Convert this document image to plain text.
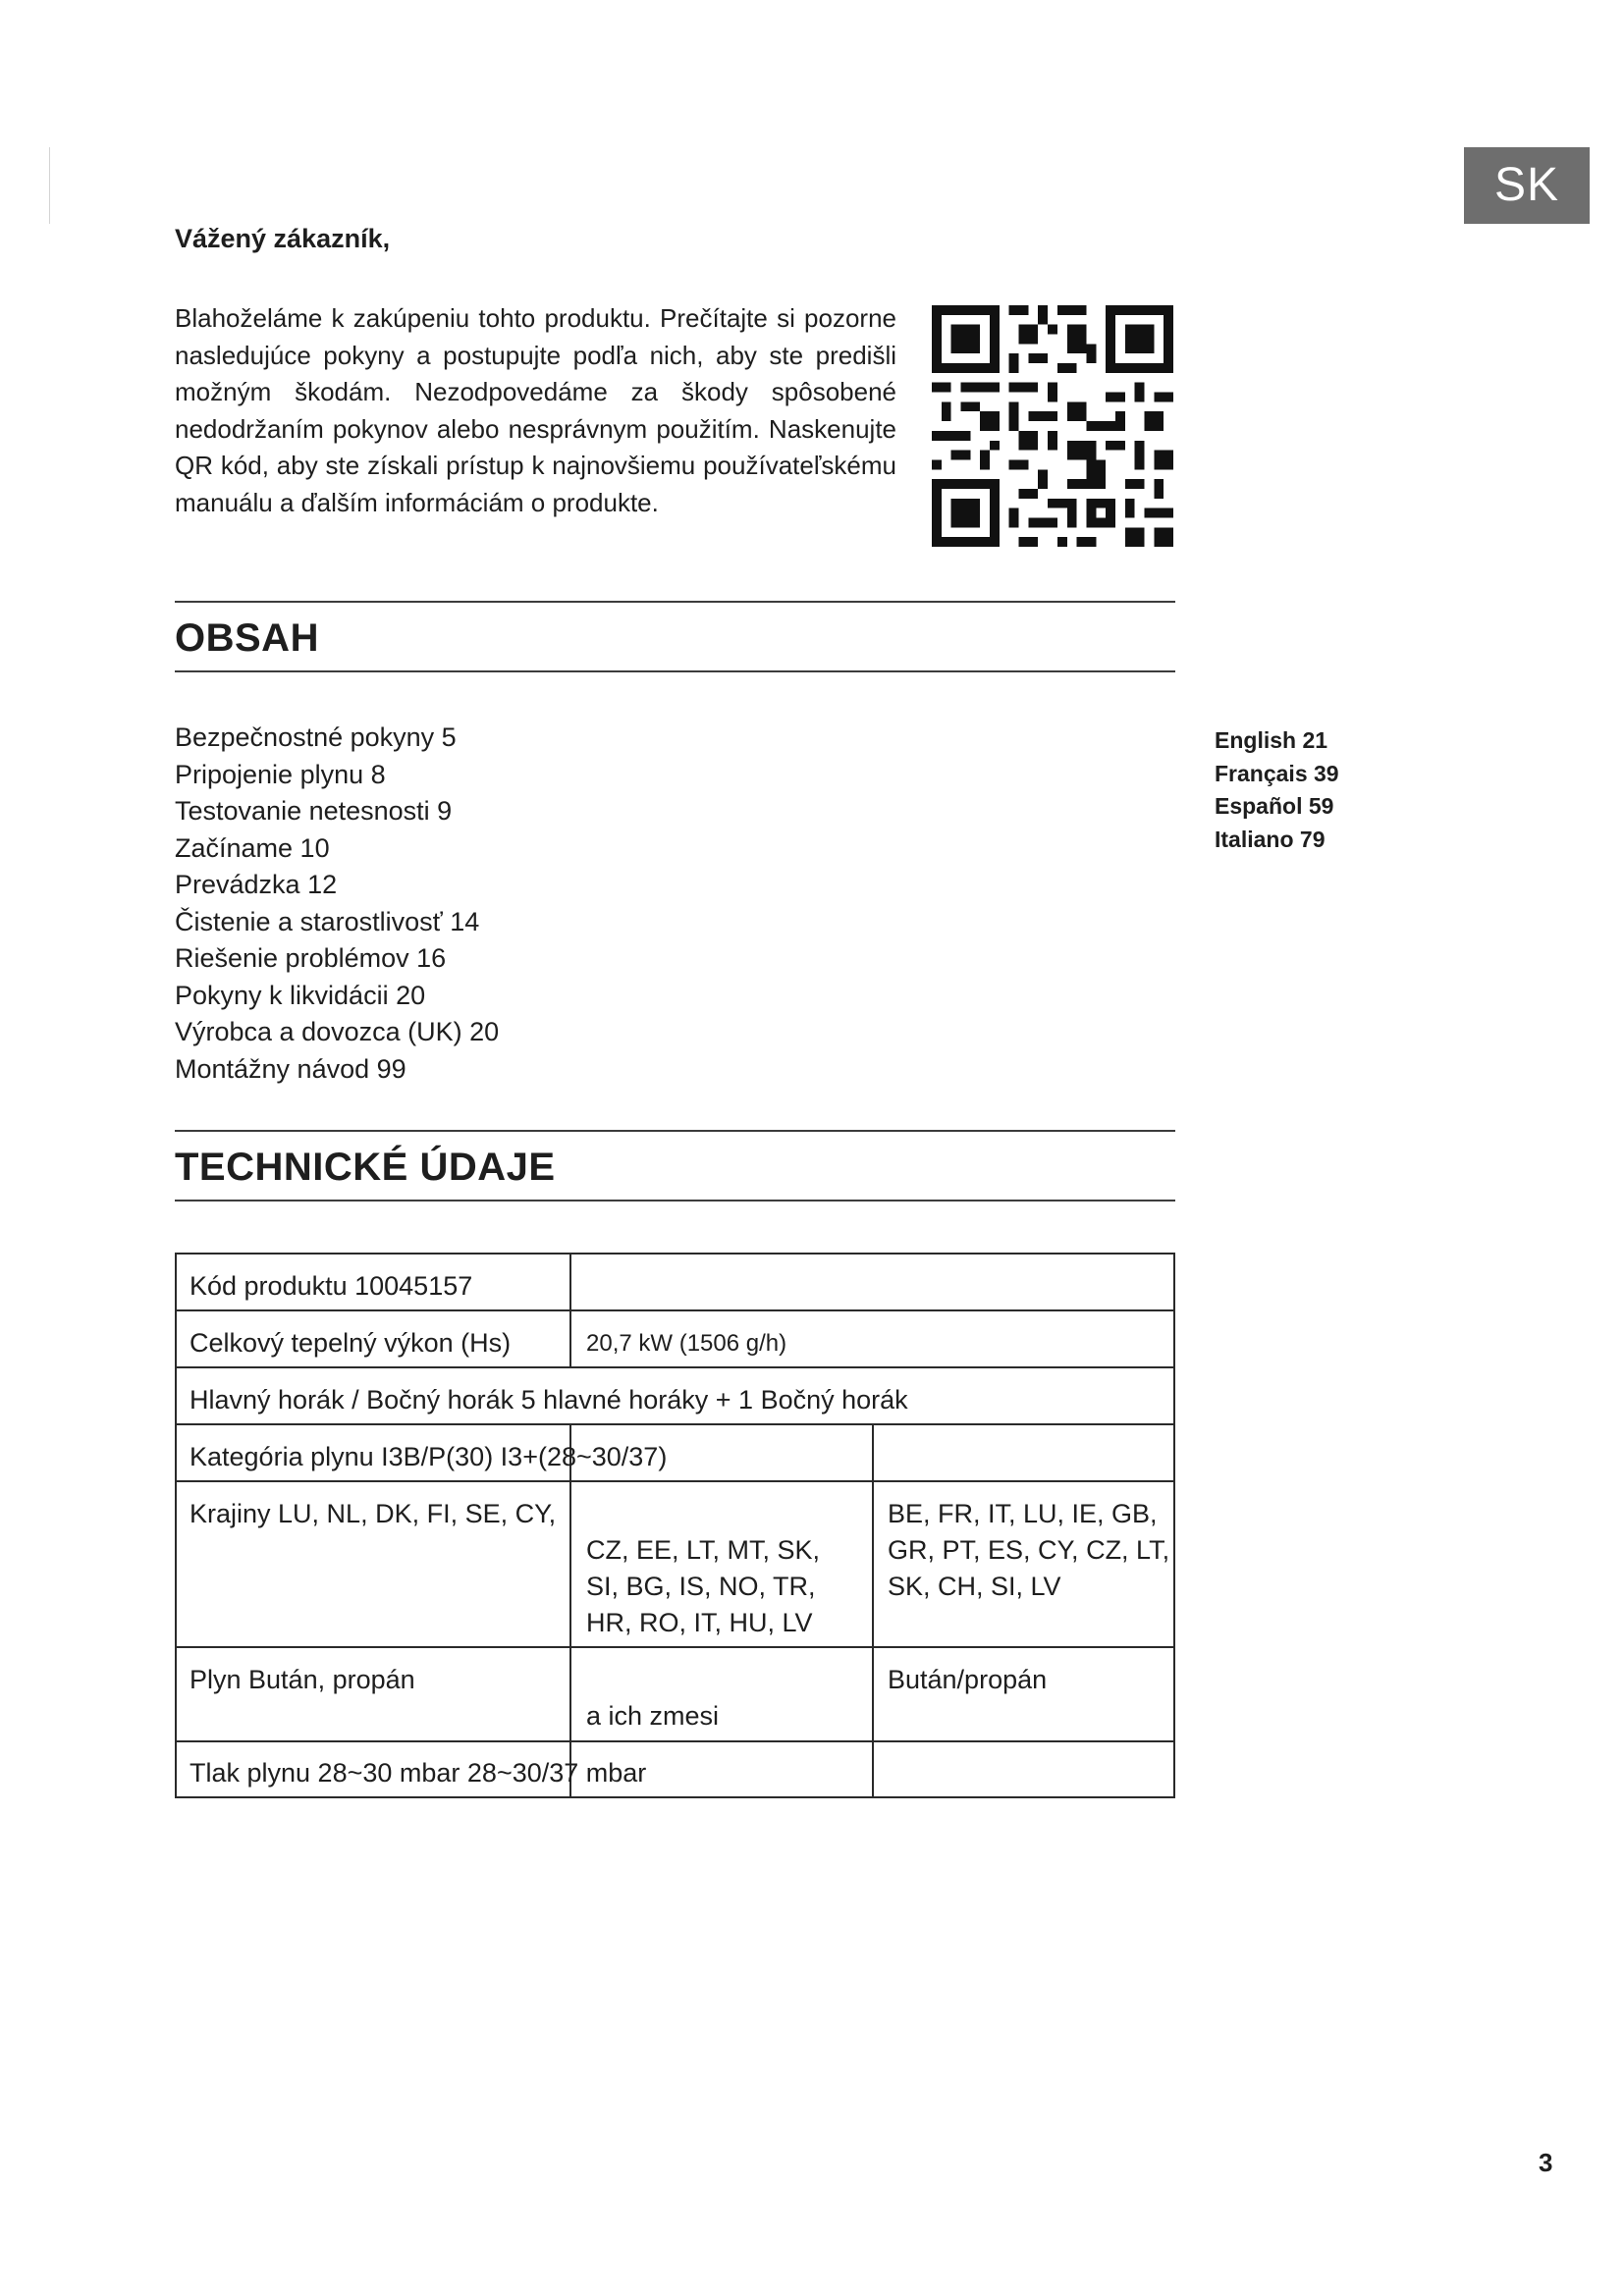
SK
Vážený zákazník,
Blahoželáme k zakúpeniu tohto produktu. Prečítajte si pozorne nasledujúce pokyny a postupujte podľa nich, aby ste predišli možným škodám. Nezodpovedáme za škody spôsobené nedodržaním pokynov alebo nesprávnym použitím. Naskenujte QR kód, aby ste získali prístup k najnovšiemu používateľskému manuálu a ďalším informáciám o produkte.
OBSAH
Bezpečnostné pokyny 5
Pripojenie plynu 8
Testovanie netesnosti 9
Začíname 10
Prevádzka 12
Čistenie a starostlivosť 14
Riešenie problémov 16
Pokyny k likvidácii 20
Výrobca a dovozca (UK) 20
Montážny návod 99
English 21
Français 39
Español 59
Italiano 79
TECHNICKÉ ÚDAJE
Kód produktu 10045157
Celkový tepelný výkon (Hs)	20,7 kW (1506 g/h)
Hlavný horák / Bočný horák 5 hlavné horáky + 1 Bočný horák
Kategória plynu I3B/P(30) I3+(28~30/37)
Krajiny LU, NL, DK, FI, SE, CY,
CZ, EE, LT, MT, SK,
SI, BG, IS, NO, TR,
HR, RO, IT, HU, LV
BE, FR, IT, LU, IE, GB,
GR, PT, ES, CY, CZ, LT,
SK, CH, SI, LV
Plyn Bután, propán
a ich zmesi
Bután/propán
Tlak plynu 28~30 mbar 28~30/37 mbar
3
